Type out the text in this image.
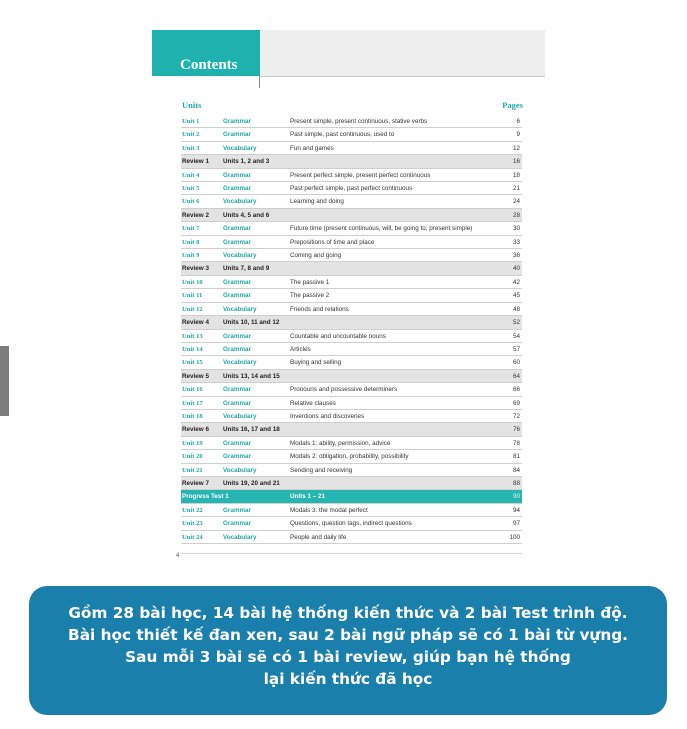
Contents
Units	Pages
Unit 1	Grammar	Present simple, present continuous, stative verbs	6
Unit 2	Grammar	Past simple, past continuous, used to	9
Unit 3	Vocabulary	Fun and games	12
Review 1 Units 1, 2 and 3	16
Unit 4	Grammar	Present perfect simple, present perfect continuous	18
Unit 5	Grammar	Past perfect simple, past perfect continuous	21
Unit 6	Vocabulary	Learning and doing	24
Review 2 Units 4, 5 and 6	28
Unit 7	Grammar	Future time (present continuous, will, be going to, present simple)	30
Unit 8	Grammar	Prepositions of time and place	33
Unit 9	Vocabulary	Coming and going	36
Review 3 Units 7, 8 and 9	40
Unit 10	Grammar	The passive 1	42
Unit 11	Grammar	The passive 2	45
Unit 12	Vocabulary	Friends and relations	48
Review 4 Units 10, 11 and 12	52
Unit 13	Grammar	Countable and uncountable nouns	54
Unit 14	Grammar	Articles	57
Unit 15	Vocabulary	Buying and selling	60
Review 5 Units 13, 14 and 15	64
Unit 16	Grammar	Pronouns and possessive determiners	66
Unit 17	Grammar	Relative clauses	69
Unit 18	Vocabulary	Inventions and discoveries	72
Review 6 Units 16, 17 and 18	76
Unit 19	Grammar	Modals 1: ability, permission, advice	78
Unit 20	Grammar	Modals 2: obligation, probability, possibility	81
Unit 21	Vocabulary	Sending and receiving	84
Review 7 Units 19, 20 and 21	88
Progress Test 1	Units 1 – 21	90
Unit 22	Grammar	Modals 3: the modal perfect	94
Unit 23	Grammar	Questions, question tags, indirect questions	97
Unit 24	Vocabulary	People and daily life	100
4
Gồm 28 bài học, 14 bài hệ thống kiến thức và 2 bài Test trình độ.
Bài học thiết kế đan xen, sau 2 bài ngữ pháp sẽ có 1 bài từ vựng.
Sau mỗi 3 bài sẽ có 1 bài review, giúp bạn hệ thống
lại kiến thức đã học
